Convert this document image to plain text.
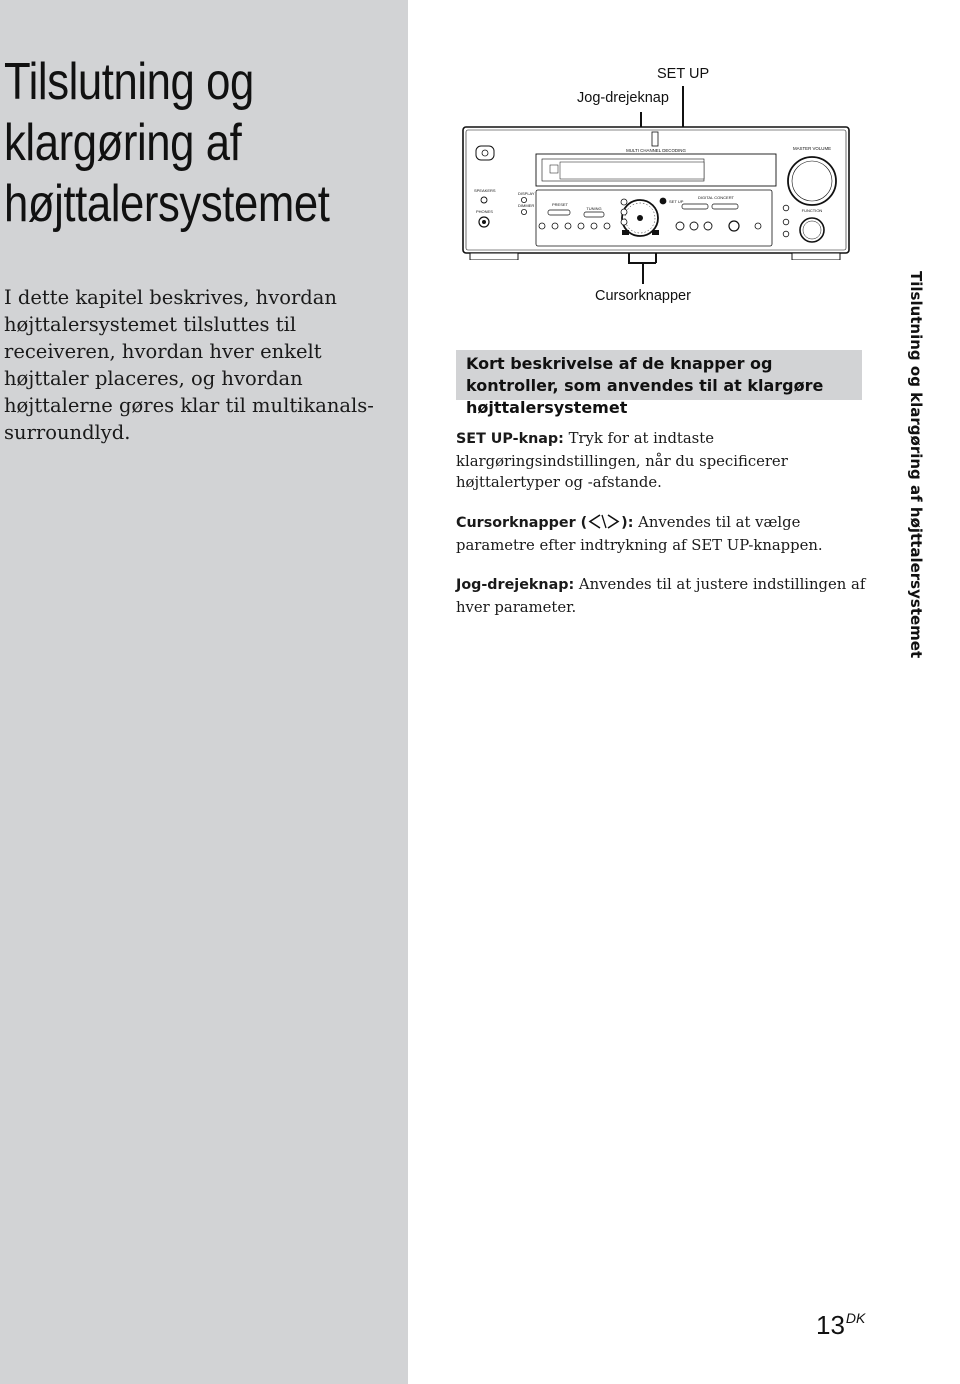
Tilslutning og klargøring af højttalersystemet

I dette kapitel beskrives, hvordan højttalersystemet tilsluttes til receiveren, hvordan hver enkelt højttaler placeres, og hvordan højttalerne gøres klar til multikanals-surroundlyd.

SET UP
Jog-drejeknap
Cursorknapper
MULTI CHANNEL DECODING	MASTER VOLUME
SPEAKERS
PHONES
DISPLAY
DIMMER	PRESET
TUNING
SET UP
DIGITAL CONCERT
FUNCTION
Kort beskrivelse af de knapper og kontroller, som anvendes til at klargøre højttalersystemet

SET UP-knap: Tryk for at indtaste klargøringsindstillingen, når du specificerer højttalertyper og -afstande.

Cursorknapper ( ): Anvendes til at vælge parametre efter indtrykning af SET UP-knappen.

Jog-drejeknap: Anvendes til at justere indstillingen af hver parameter.	Tilslutning og klargøring af højttalersystemet
$13^{DK}$
